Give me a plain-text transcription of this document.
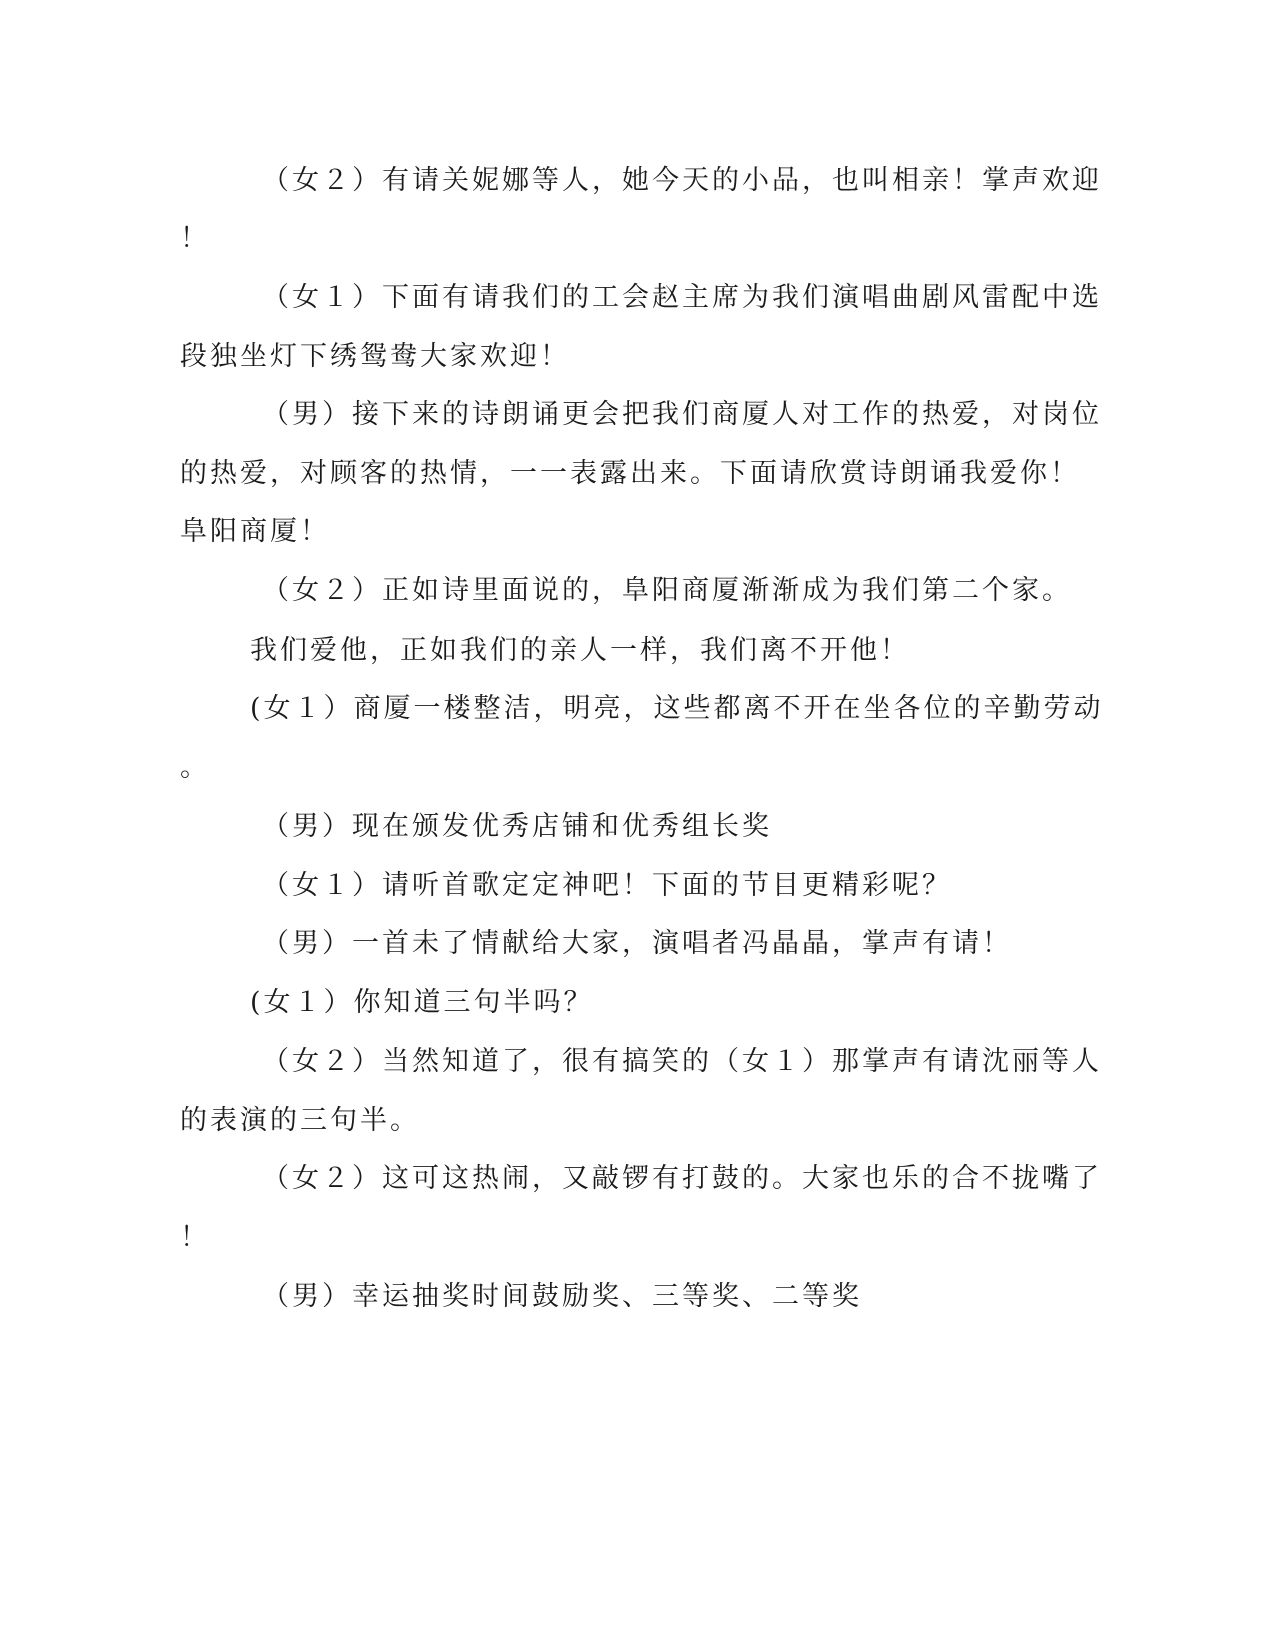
（女２）有请关妮娜等人，她今天的小品，也叫相亲！掌声欢迎
！
（女１）下面有请我们的工会赵主席为我们演唱曲剧风雷配中选
段独坐灯下绣鸳鸯大家欢迎！
（男）接下来的诗朗诵更会把我们商厦人对工作的热爱，对岗位
的热爱，对顾客的热情，一一表露出来。下面请欣赏诗朗诵我爱你！
阜阳商厦！
（女２）正如诗里面说的，阜阳商厦渐渐成为我们第二个家。
我们爱他，正如我们的亲人一样，我们离不开他！
(女１）商厦一楼整洁，明亮，这些都离不开在坐各位的辛勤劳动
。
（男）现在颁发优秀店铺和优秀组长奖
（女１）请听首歌定定神吧！下面的节目更精彩呢？
（男）一首未了情献给大家，演唱者冯晶晶，掌声有请！
(女１）你知道三句半吗？
（女２）当然知道了，很有搞笑的（女１）那掌声有请沈丽等人
的表演的三句半。
（女２）这可这热闹，又敲锣有打鼓的。大家也乐的合不拢嘴了
！
（男）幸运抽奖时间鼓励奖、三等奖、二等奖
